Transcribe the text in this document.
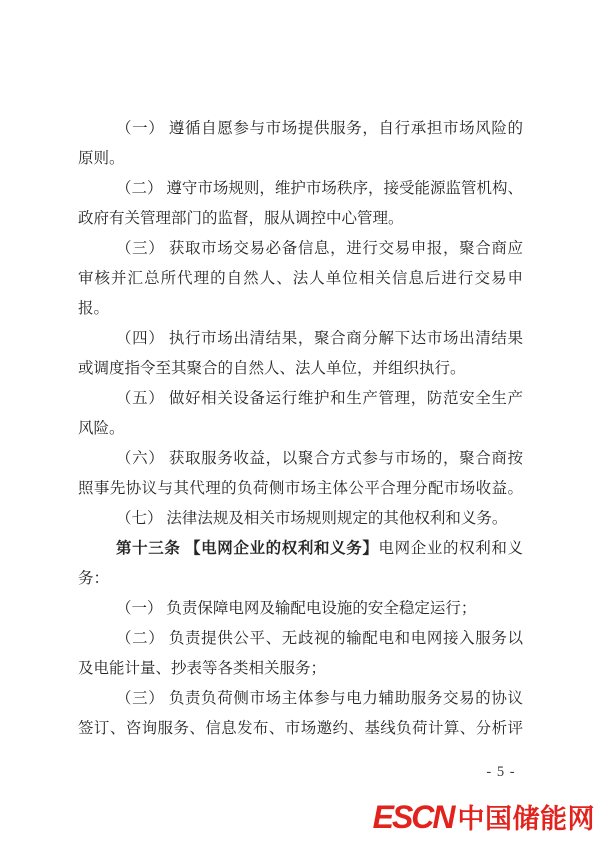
（一） 遵循自愿参与市场提供服务，自行承担市场风险的
原则。
（二） 遵守市场规则，维护市场秩序，接受能源监管机构、
政府有关管理部门的监督，服从调控中心管理。
（三） 获取市场交易必备信息，进行交易申报，聚合商应
审核并汇总所代理的自然人、法人单位相关信息后进行交易申
报。
（四） 执行市场出清结果，聚合商分解下达市场出清结果
或调度指令至其聚合的自然人、法人单位，并组织执行。
（五） 做好相关设备运行维护和生产管理，防范安全生产
风险。
（六） 获取服务收益，以聚合方式参与市场的，聚合商按
照事先协议与其代理的负荷侧市场主体公平合理分配市场收益。
（七） 法律法规及相关市场规则规定的其他权利和义务。
第十三条 【电网企业的权利和义务】电网企业的权利和义
务：
（一） 负责保障电网及输配电设施的安全稳定运行；
（二） 负责提供公平、无歧视的输配电和电网接入服务以
及电能计量、抄表等各类相关服务；
（三） 负责负荷侧市场主体参与电力辅助服务交易的协议
签订、咨询服务、信息发布、市场邀约、基线负荷计算、分析评
- 5 -
ESCN 中国储能网
